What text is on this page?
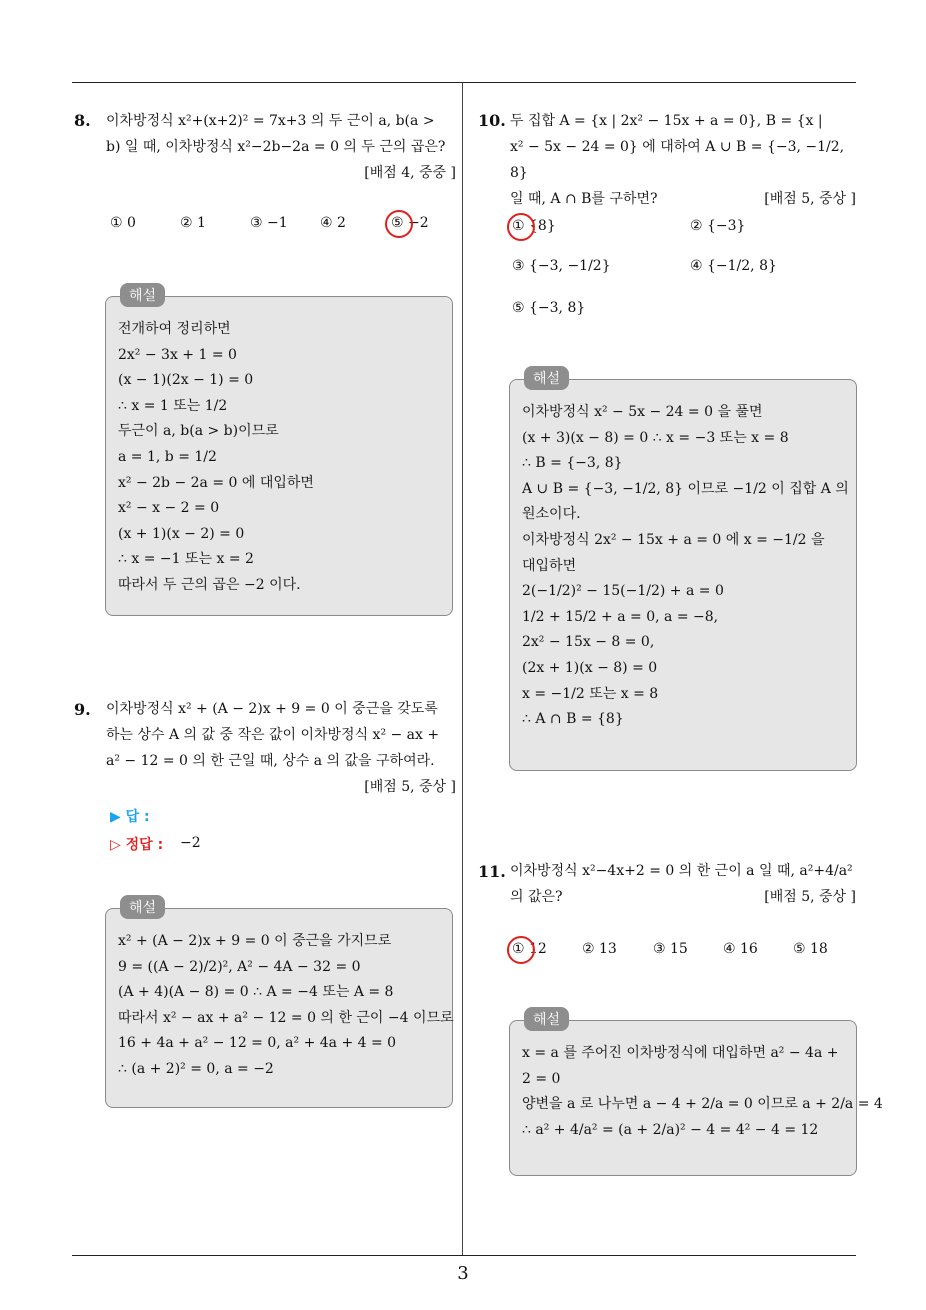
3
8. 이차방정식 x²+(x+2)² = 7x+3 의 두 근이 a, b(a >
b) 일 때, 이차방정식 x²−2b−2a = 0 의 두 근의 곱은?
[배점 4, 중중 ]
① 0	② 1	③ −1 ④ 2	⑤ −2
해설
전개하여 정리하면
2x² − 3x + 1 = 0
(x − 1)(2x − 1) = 0
∴ x = 1 또는 1/2
두근이 a, b(a > b)이므로
a = 1, b = 1/2
x² − 2b − 2a = 0 에 대입하면
x² − x − 2 = 0
(x + 1)(x − 2) = 0
∴ x = −1 또는 x = 2
따라서 두 근의 곱은 −2 이다.
9. 이차방정식 x² + (A − 2)x + 9 = 0 이 중근을 갖도록
하는 상수 A 의 값 중 작은 값이 이차방정식 x² − ax +
a² − 12 = 0 의 한 근일 때, 상수 a 의 값을 구하여라.
[배점 5, 중상 ]
▶ 답 :
▷ 정답 : −2
해설
x² + (A − 2)x + 9 = 0 이 중근을 가지므로
9 = ((A − 2)/2)², A² − 4A − 32 = 0
(A + 4)(A − 8) = 0 ∴ A = −4 또는 A = 8
따라서 x² − ax + a² − 12 = 0 의 한 근이 −4 이므로
16 + 4a + a² − 12 = 0, a² + 4a + 4 = 0
∴ (a + 2)² = 0, a = −2
10. 두 집합 A = {x | 2x² − 15x + a = 0}, B = {x |
x² − 5x − 24 = 0} 에 대하여 A ∪ B = {−3, −1/2, 8}
일 때, A ∩ B를 구하면?	[배점 5, 중상 ]
① {8}	② {−3}
③ {−3, −1/2}	④ {−1/2, 8}
⑤ {−3, 8}
해설
이차방정식 x² − 5x − 24 = 0 을 풀면
(x + 3)(x − 8) = 0 ∴ x = −3 또는 x = 8
∴ B = {−3, 8}
A ∪ B = {−3, −1/2, 8} 이므로 −1/2 이 집합 A 의
원소이다.
이차방정식 2x² − 15x + a = 0 에 x = −1/2 을
대입하면
2(−1/2)² − 15(−1/2) + a = 0
1/2 + 15/2 + a = 0, a = −8,
2x² − 15x − 8 = 0,
(2x + 1)(x − 8) = 0
x = −1/2 또는 x = 8
∴ A ∩ B = {8}
11. 이차방정식 x²−4x+2 = 0 의 한 근이 a 일 때, a²+4/a²
의 값은?	[배점 5, 중상 ]
① 12	② 13	③ 15	④ 16	⑤ 18
해설
x = a 를 주어진 이차방정식에 대입하면 a² − 4a +
2 = 0
양변을 a 로 나누면 a − 4 + 2/a = 0 이므로 a + 2/a = 4
∴ a² + 4/a² = (a + 2/a)² − 4 = 4² − 4 = 12
